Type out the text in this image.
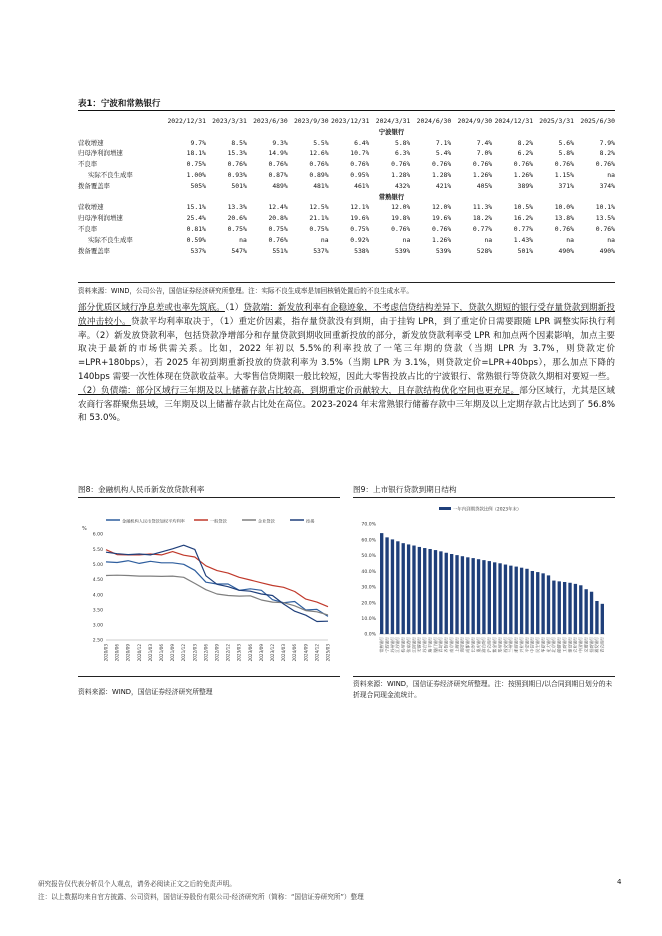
表1：宁波和常熟银行
	2022/12/31	2023/3/31	2023/6/30	2023/9/30	2023/12/31	2024/3/31	2024/6/30	2024/9/30	2024/12/31	2025/3/31	2025/6/30
宁波银行											
营收增速	9.7%	8.5%	9.3%	5.5%	6.4%	5.8%	7.1%	7.4%	8.2%	5.6%	7.9%
归母净利润增速	18.1%	15.3%	14.9%	12.6%	10.7%	6.3%	5.4%	7.0%	6.2%	5.8%	8.2%
不良率	0.75%	0.76%	0.76%	0.76%	0.76%	0.76%	0.76%	0.76%	0.76%	0.76%	0.76%
实际不良生成率	1.00%	0.93%	0.87%	0.89%	0.95%	1.28%	1.28%	1.26%	1.26%	1.15%	na
拨备覆盖率	505%	501%	489%	481%	461%	432%	421%	405%	389%	371%	374%
常熟银行											
营收增速	15.1%	13.3%	12.4%	12.5%	12.1%	12.0%	12.0%	11.3%	10.5%	10.0%	10.1%
归母净利润增速	25.4%	20.6%	20.8%	21.1%	19.6%	19.8%	19.6%	18.2%	16.2%	13.8%	13.5%
不良率	0.81%	0.75%	0.75%	0.75%	0.75%	0.76%	0.76%	0.77%	0.77%	0.76%	0.76%
实际不良生成率	0.59%	na	0.76%	na	0.92%	na	1.26%	na	1.43%	na	na
拨备覆盖率	537%	547%	551%	537%	538%	539%	539%	528%	501%	490%	490%
资料来源：WIND，公司公告，国信证券经济研究所整理。注：实际不良生成率是加回核销处置后的不良生成水平。
部分优质区域行净息差或也率先筑底。（1）贷款端：新发放利率有企稳迹象，不考虑信贷结构差异下，贷款久期短的银行受存量贷款到期新投放冲击较小。贷款平均利率取决于，（1）重定价因素，指存量贷款没有到期，由于挂钩 LPR，到了重定价日需要跟随 LPR 调整实际执行利率。（2）新发放贷款利率，包括贷款净增部分和存量贷款到期收回重新投放的部分，新发放贷款利率受 LPR 和加点两个因素影响，加点主要取决于最新的市场供需关系。比如，2022 年初以 5.5%的利率投放了一笔三年期的贷款（当期 LPR 为 3.7%，则贷款定价=LPR+180bps），若 2025 年初到期重新投放的贷款利率为 3.5%（当期 LPR 为 3.1%，则贷款定价=LPR+40bps），那么加点下降的 140bps 需要一次性体现在贷款收益率。大零售信贷期限一般比较短，因此大零售投放占比的宁波银行、常熟银行等贷款久期相对要短一些。（2）负债端：部分区域行三年期及以上储蓄存款占比较高，到期重定价贡献较大，且存款结构优化空间也更充足。部分区域行，尤其是区域农商行客群聚焦县域，三年期及以上储蓄存款占比处在高位。2023-2024 年末常熟银行储蓄存款中三年期及以上定期存款占比达到了 56.8%和 53.0%。
图8：金融机构人民币新发放贷款利率
金融机构人民币贷款加权平均利率	一般贷款	企业贷款	按揭
%
6.00
5.50
5.00
4.50
4.00
3.50
3.00
2.50
2020/03 2020/06 2020/09 2020/12 2021/03 2021/06 2021/09 2021/12 2022/03 2022/06 2022/09 2022/12 2023/03 2023/06 2023/09 2023/12 2024/03 2024/06 2024/09 2024/12 2025/03
资料来源：WIND，国信证券经济研究所整理
图9：上市银行贷款到期日结构
一年内到期贷款比例（2023年末）
70.0%
60.0%
50.0%
40.0%
30.0%
20.0%
10.0%
0.0%
常熟银行 宁波银行 苏州银行 江苏银行 杭州银行 张家港行 江阴银行 无锡银行 苏农银行 瑞丰银行 厦门银行 青岛银行 齐鲁银行 南京银行 上海银行 贵阳银行 成都银行 长沙银行 重庆银行 渝农商行 沪农商行 紫金银行 郑州银行 西安银行 兰州银行 浙商银行 兴业银行 平安银行 中信银行 民生银行 华夏银行 光大银行 北京银行 邮储银行 工商银行 建设银行 农业银行 中国银行 交通银行 招商银行 浦发银行 青农商行
资料来源：WIND，国信证券经济研究所整理。注：按照到期日/以合同到期日划分的未折现合同现金流统计。
研究报告仅代表分析员个人观点，请务必阅读正文之后的免责声明。
注：以上数据均来自官方披露、公司资料，国信证券股份有限公司-经济研究所（简称：“国信证券研究所”）整理
4
